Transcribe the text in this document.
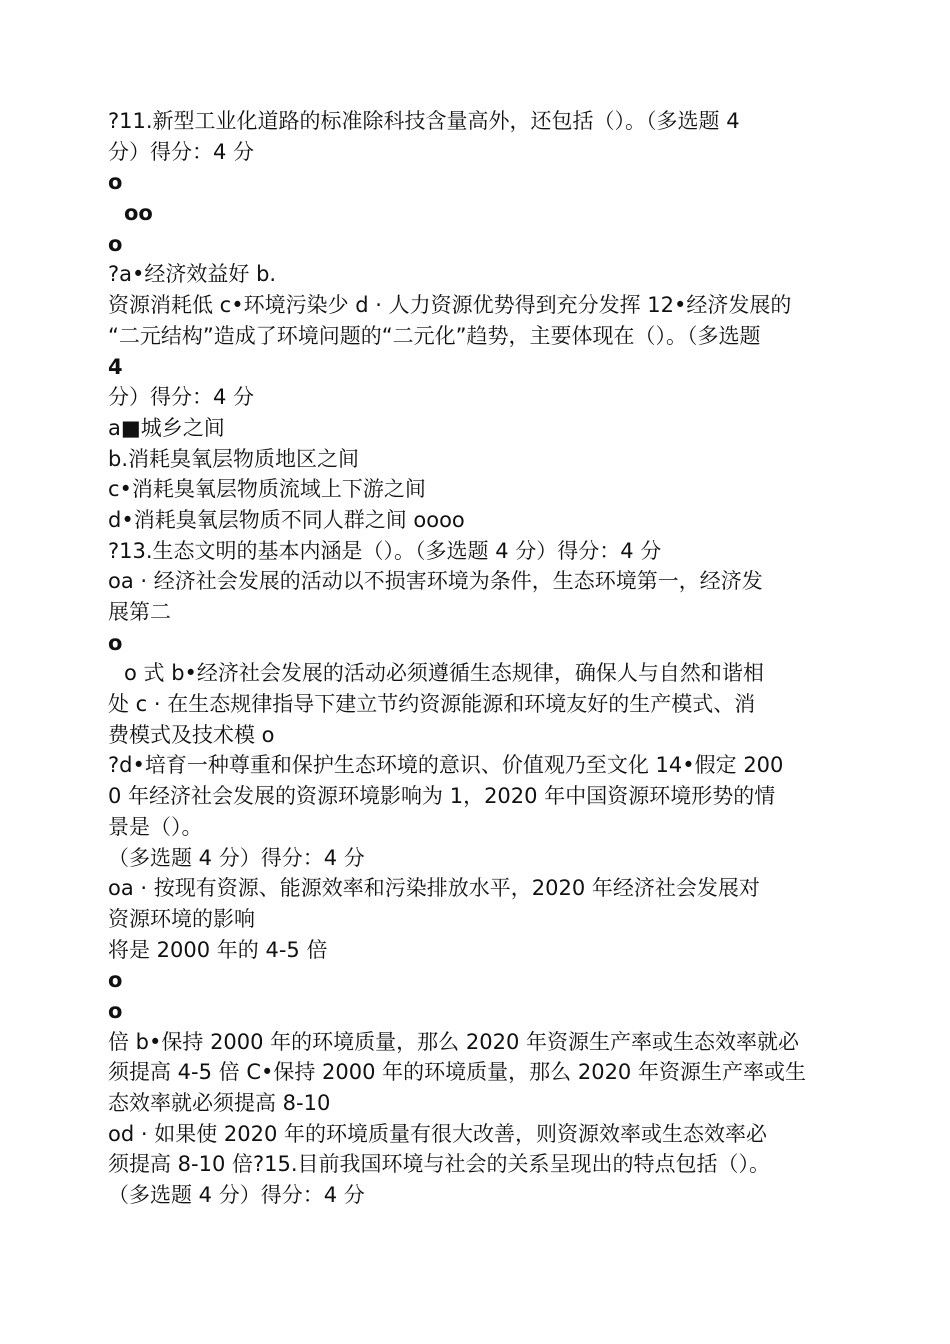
?11.新型工业化道路的标准除科技含量高外，还包括（）。（多选题 4
分）得分：4 分
o
oo
o
?a•经济效益好 b.
资源消耗低 c•环境污染少 d · 人力资源优势得到充分发挥 12•经济发展的
“二元结构”造成了环境问题的“二元化”趋势，主要体现在（）。（多选题
4
分）得分：4 分
a■城乡之间
b.消耗臭氧层物质地区之间
c•消耗臭氧层物质流域上下游之间
d•消耗臭氧层物质不同人群之间 oooo
?13.生态文明的基本内涵是（）。（多选题 4 分）得分：4 分
oa · 经济社会发展的活动以不损害环境为条件，生态环境第一，经济发
展第二
o
o 式 b•经济社会发展的活动必须遵循生态规律，确保人与自然和谐相
处 c · 在生态规律指导下建立节约资源能源和环境友好的生产模式、消
费模式及技术模 o
?d•培育一种尊重和保护生态环境的意识、价值观乃至文化 14•假定 200
0 年经济社会发展的资源环境影响为 1，2020 年中国资源环境形势的情
景是（）。
（多选题 4 分）得分：4 分
oa · 按现有资源、能源效率和污染排放水平，2020 年经济社会发展对
资源环境的影响
将是 2000 年的 4-5 倍
o
o
倍 b•保持 2000 年的环境质量，那么 2020 年资源生产率或生态效率就必
须提高 4-5 倍 C•保持 2000 年的环境质量，那么 2020 年资源生产率或生
态效率就必须提高 8-10
od · 如果使 2020 年的环境质量有很大改善，则资源效率或生态效率必
须提高 8-10 倍?15.目前我国环境与社会的关系呈现出的特点包括（）。
（多选题 4 分）得分：4 分
